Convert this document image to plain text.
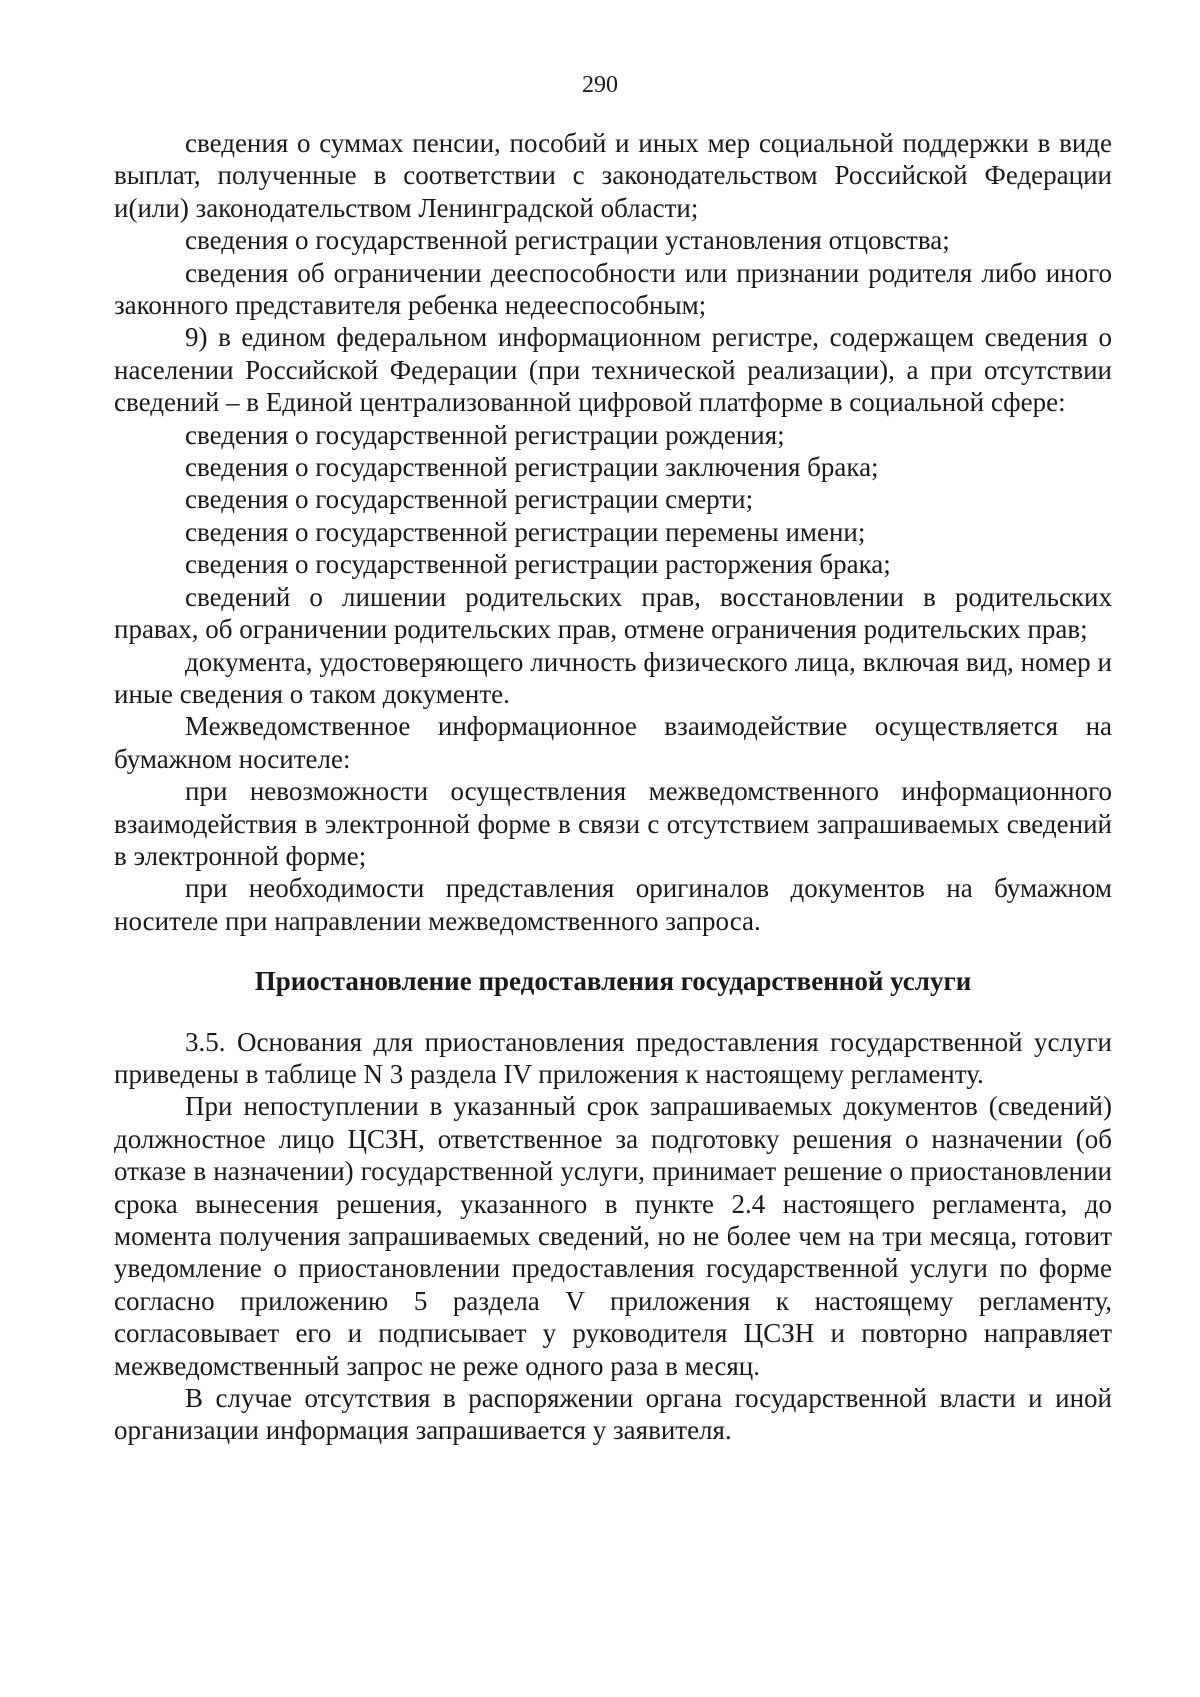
290

сведения о суммах пенсии, пособий и иных мер социальной поддержки в виде выплат, полученные в соответствии с законодательством Российской Федерации и(или) законодательством Ленинградской области;

сведения о государственной регистрации установления отцовства;

сведения об ограничении дееспособности или признании родителя либо иного законного представителя ребенка недееспособным;

9) в едином федеральном информационном регистре, содержащем сведения о населении Российской Федерации (при технической реализации), а при отсутствии сведений – в Единой централизованной цифровой платформе в социальной сфере:

сведения о государственной регистрации рождения;

сведения о государственной регистрации заключения брака;

сведения о государственной регистрации смерти;

сведения о государственной регистрации перемены имени;

сведения о государственной регистрации расторжения брака;

сведений о лишении родительских прав, восстановлении в родительских правах, об ограничении родительских прав, отмене ограничения родительских прав;

документа, удостоверяющего личность физического лица, включая вид, номер и иные сведения о таком документе.

Межведомственное информационное взаимодействие осуществляется на бумажном носителе:

при невозможности осуществления межведомственного информационного взаимодействия в электронной форме в связи с отсутствием запрашиваемых сведений в электронной форме;

при необходимости представления оригиналов документов на бумажном носителе при направлении межведомственного запроса.

Приостановление предоставления государственной услуги

3.5. Основания для приостановления предоставления государственной услуги приведены в таблице N 3 раздела IV приложения к настоящему регламенту.

При непоступлении в указанный срок запрашиваемых документов (сведений) должностное лицо ЦСЗН, ответственное за подготовку решения о назначении (об отказе в назначении) государственной услуги, принимает решение о приостановлении срока вынесения решения, указанного в пункте 2.4 настоящего регламента, до момента получения запрашиваемых сведений, но не более чем на три месяца, готовит уведомление о приостановлении предоставления государственной услуги по форме согласно приложению 5 раздела V приложения к настоящему регламенту, согласовывает его и подписывает у руководителя ЦСЗН и повторно направляет межведомственный запрос не реже одного раза в месяц.

В случае отсутствия в распоряжении органа государственной власти и иной организации информация запрашивается у заявителя.
